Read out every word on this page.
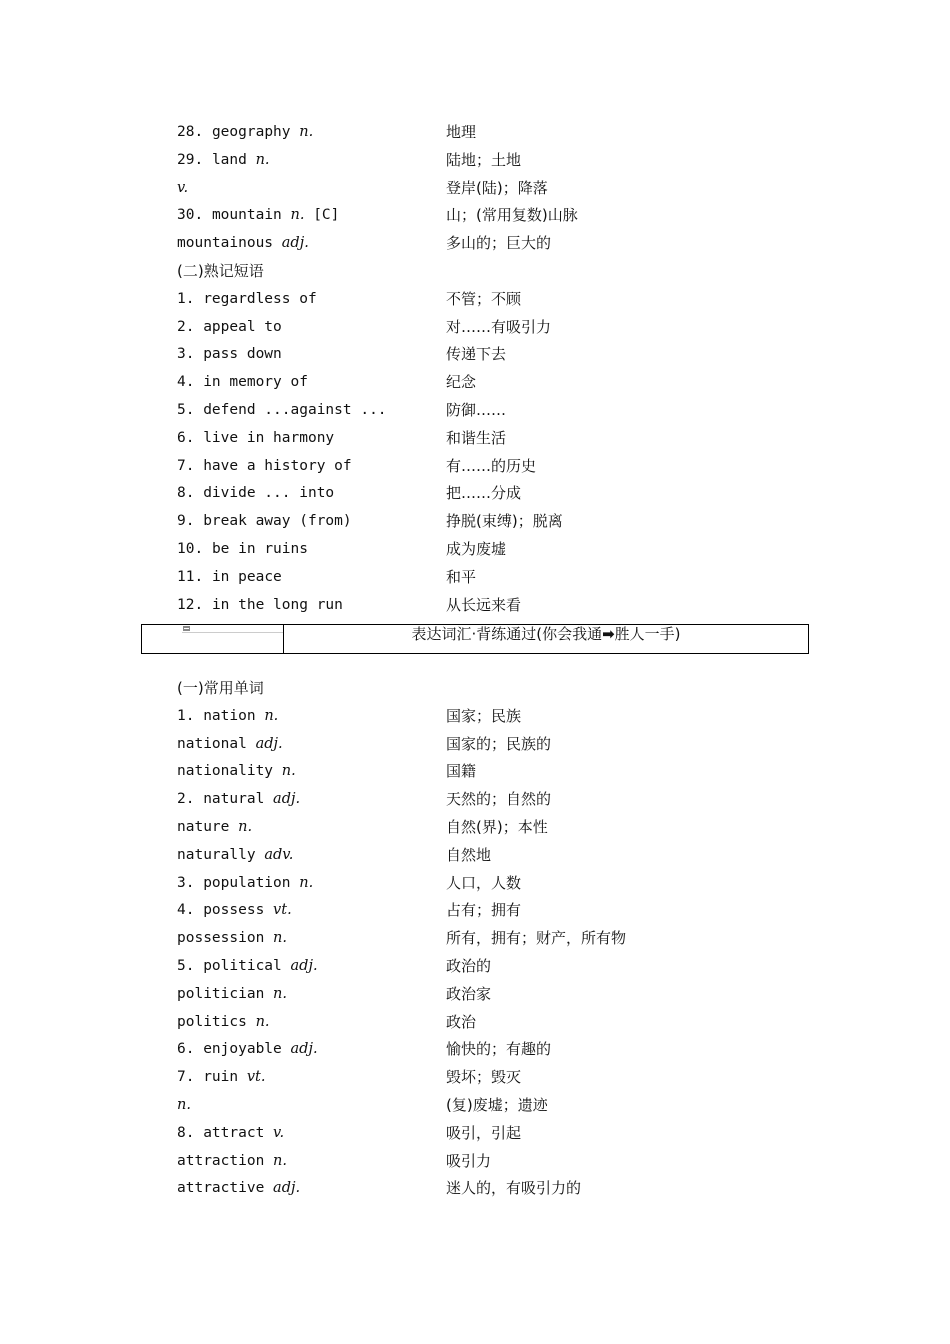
28. geography n.	地理
29. land n.	陆地；土地
v.	登岸(陆)；降落
30. mountain n. [C]	山；(常用复数)山脉
mountainous adj.	多山的；巨大的
(二)熟记短语
1. regardless of	不管；不顾
2. appeal to	对……有吸引力
3. pass down	传递下去
4. in memory of	纪念
5. defend ...against ...	防御……
6. live in harmony	和谐生活
7. have a history of	有……的历史
8. divide ... into	把……分成
9. break away (from)	挣脱(束缚)；脱离
10. be in ruins	成为废墟
11. in peace	和平
12. in the long run	从长远来看
表达词汇·背练通过(你会我通➡胜人一手)
(一)常用单词
1. nation n.	国家；民族
national adj.	国家的；民族的
nationality n.	国籍
2. natural adj.	天然的；自然的
nature n.	自然(界)；本性
naturally adv.	自然地
3. population n.	人口，人数
4. possess vt.	占有；拥有
possession n.	所有，拥有；财产，所有物
5. political adj.	政治的
politician n.	政治家
politics n.	政治
6. enjoyable adj.	愉快的；有趣的
7. ruin vt.	毁坏；毁灭
n.	(复)废墟；遗迹
8. attract v.	吸引，引起
attraction n.	吸引力
attractive adj.	迷人的，有吸引力的
